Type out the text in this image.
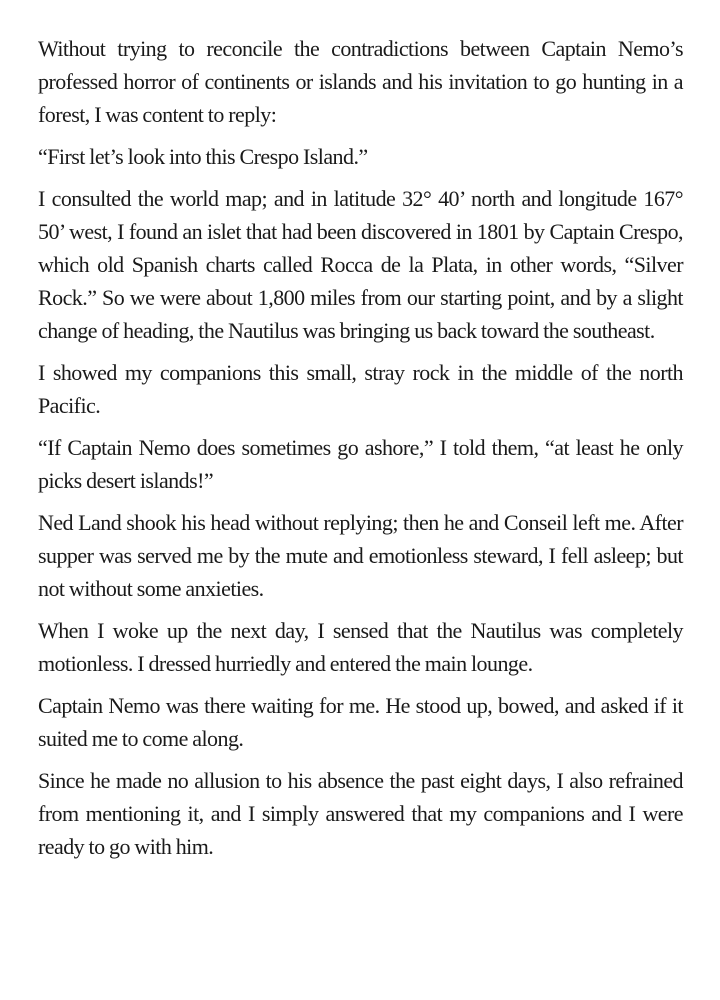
Without trying to reconcile the contradictions between Captain Nemo’s professed horror of continents or islands and his invitation to go hunting in a forest, I was content to reply:

“First let’s look into this Crespo Island.”

I consulted the world map; and in latitude 32° 40’ north and longitude 167° 50’ west, I found an islet that had been discovered in 1801 by Captain Crespo, which old Spanish charts called Rocca de la Plata, in other words, “Silver Rock.” So we were about 1,800 miles from our starting point, and by a slight change of heading, the Nautilus was bringing us back toward the southeast.

I showed my companions this small, stray rock in the middle of the north Pacific.

“If Captain Nemo does sometimes go ashore,” I told them, “at least he only picks desert islands!”

Ned Land shook his head without replying; then he and Conseil left me. After supper was served me by the mute and emotionless steward, I fell asleep; but not without some anxieties.

When I woke up the next day, I sensed that the Nautilus was completely motionless. I dressed hurriedly and entered the main lounge.

Captain Nemo was there waiting for me. He stood up, bowed, and asked if it suited me to come along.

Since he made no allusion to his absence the past eight days, I also refrained from mentioning it, and I simply answered that my companions and I were ready to go with him.
